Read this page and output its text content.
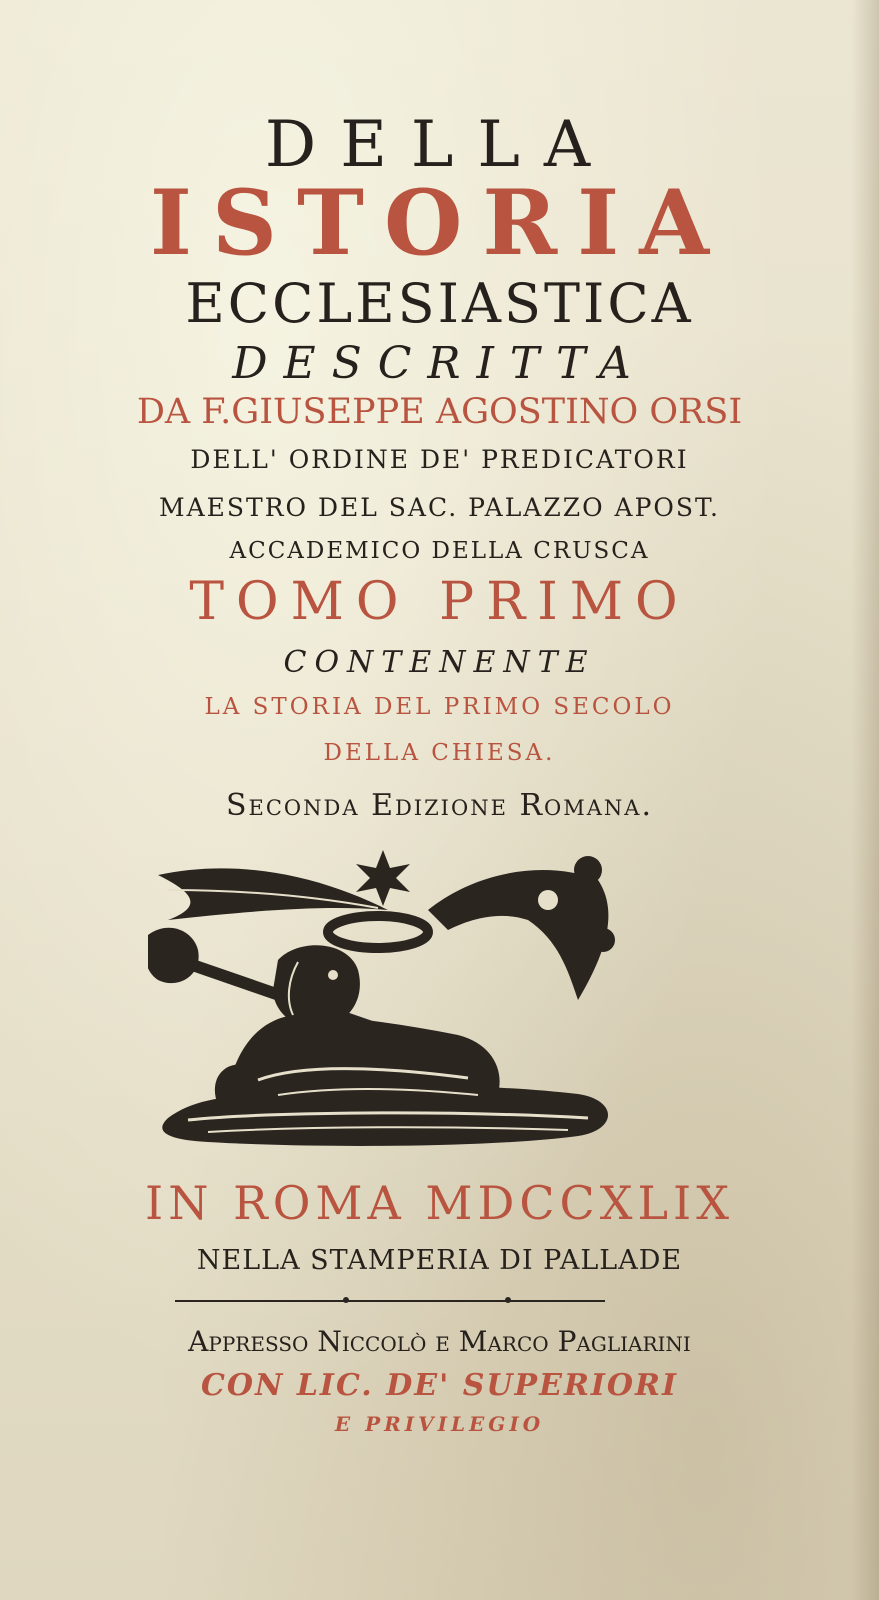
DELLA
ISTORIA
ECCLESIASTICA
DESCRITTA
DA F.GIUSEPPE AGOSTINO ORSI
DELL' ORDINE DE' PREDICATORI
MAESTRO DEL SAC. PALAZZO APOST.
ACCADEMICO DELLA CRUSCA
TOMO PRIMO
CONTENENTE
LA STORIA DEL PRIMO SECOLO
DELLA CHIESA.
Seconda Edizione Romana.
IN ROMA MDCCXLIX
NELLA STAMPERIA DI PALLADE
Appresso Niccolò e Marco Pagliarini
CON LIC. DE' SUPERIORI
E PRIVILEGIO
